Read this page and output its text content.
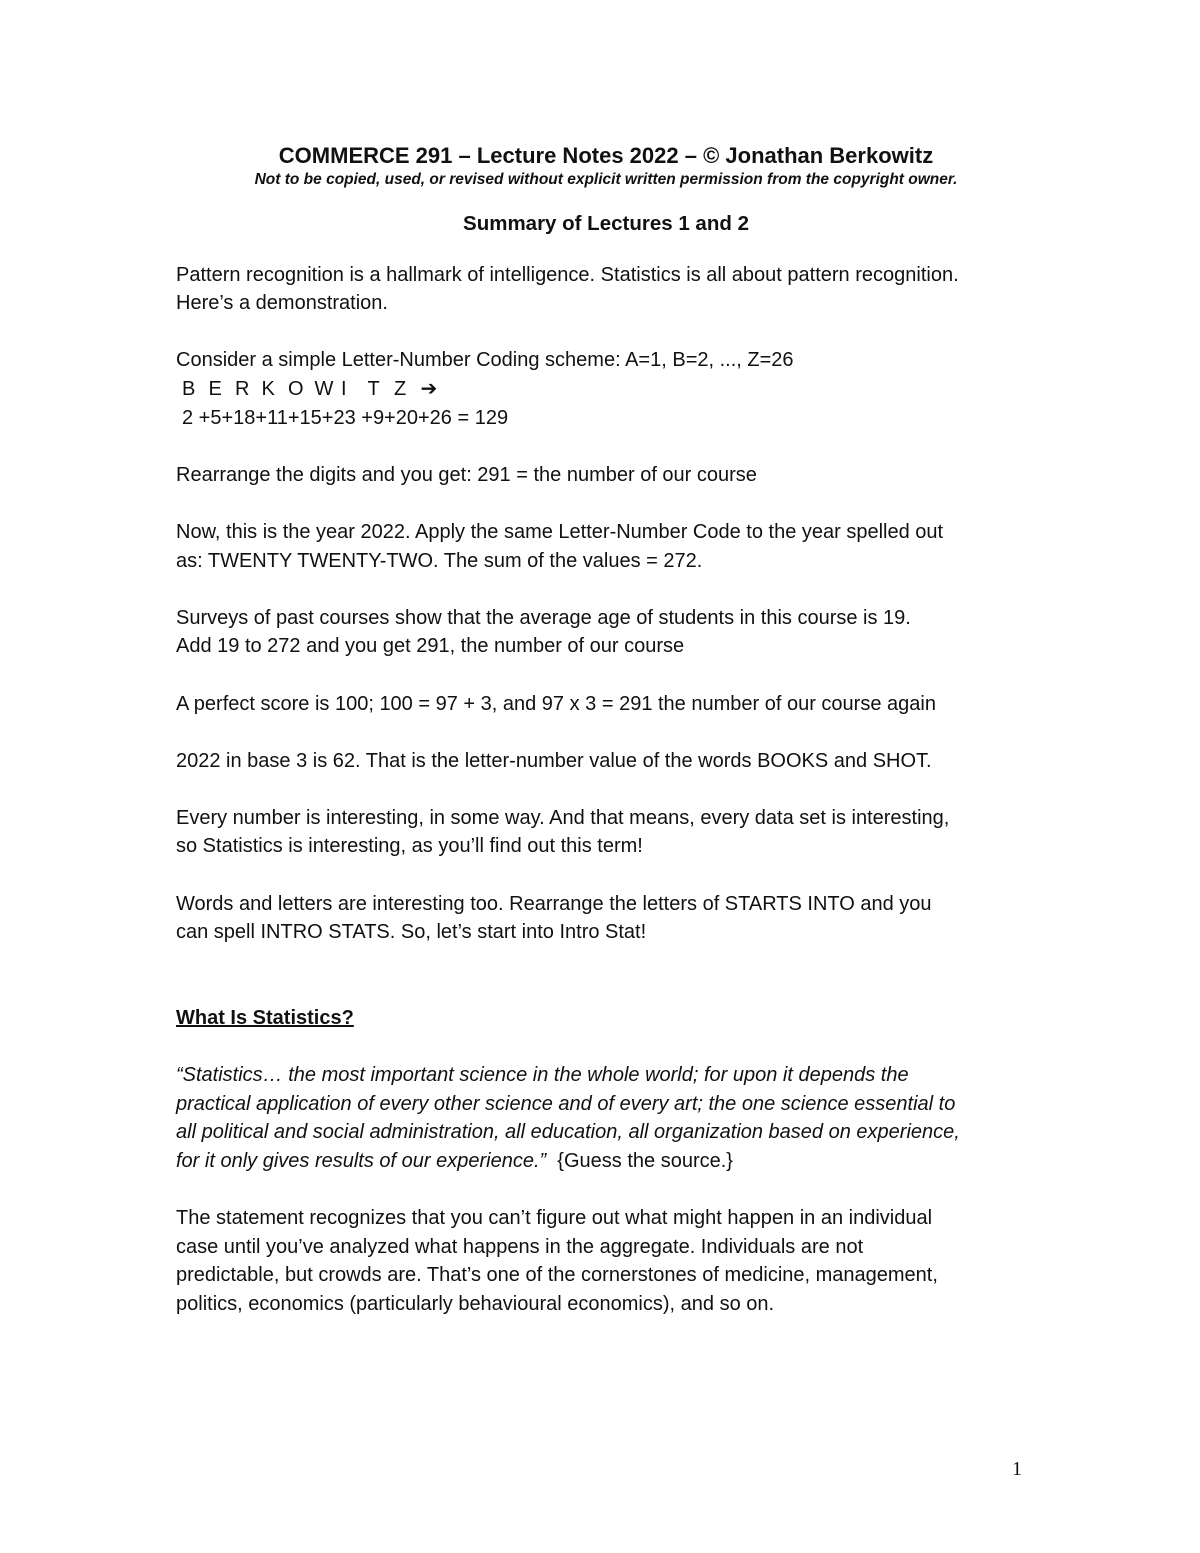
COMMERCE 291 – Lecture Notes 2022 – © Jonathan Berkowitz
Not to be copied, used, or revised without explicit written permission from the copyright owner.
Summary of Lectures 1 and 2

Pattern recognition is a hallmark of intelligence. Statistics is all about pattern recognition.
Here’s a demonstration.

Consider a simple Letter-Number Coding scheme: A=1, B=2, ..., Z=26
B E R K O W I T Z ➔
2 +5+18+11+15+23 +9+20+26 = 129

Rearrange the digits and you get: 291 = the number of our course

Now, this is the year 2022. Apply the same Letter-Number Code to the year spelled out
as: TWENTY TWENTY-TWO. The sum of the values = 272.

Surveys of past courses show that the average age of students in this course is 19.
Add 19 to 272 and you get 291, the number of our course

A perfect score is 100; 100 = 97 + 3, and 97 x 3 = 291 the number of our course again

2022 in base 3 is 62. That is the letter-number value of the words BOOKS and SHOT.

Every number is interesting, in some way. And that means, every data set is interesting,
so Statistics is interesting, as you’ll find out this term!

Words and letters are interesting too. Rearrange the letters of STARTS INTO and you
can spell INTRO STATS. So, let’s start into Intro Stat!

What Is Statistics?

“Statistics… the most important science in the whole world; for upon it depends the
practical application of every other science and of every art; the one science essential to
all political and social administration, all education, all organization based on experience,
for it only gives results of our experience.” {Guess the source.}

The statement recognizes that you can’t figure out what might happen in an individual
case until you’ve analyzed what happens in the aggregate. Individuals are not
predictable, but crowds are. That’s one of the cornerstones of medicine, management,
politics, economics (particularly behavioural economics), and so on.

1
